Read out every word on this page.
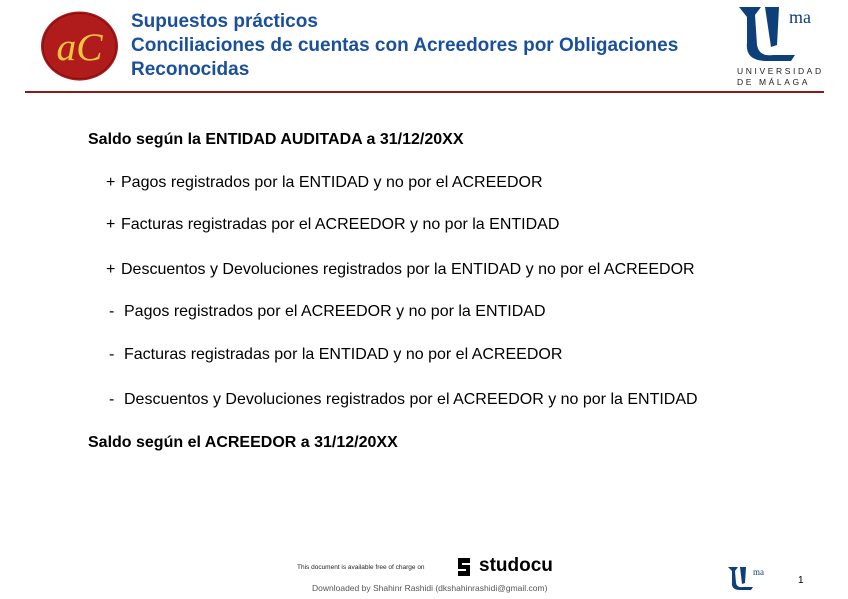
aC
Supuestos prácticos
Conciliaciones de cuentas con Acreedores por Obligaciones
Reconocidas
ma
UNIVERSIDAD
DE MÁLAGA
Saldo según la ENTIDAD AUDITADA a 31/12/20XX
+ Pagos registrados por la ENTIDAD y no por el ACREEDOR
+ Facturas registradas por el ACREEDOR y no por la ENTIDAD
+ Descuentos y Devoluciones registrados por la ENTIDAD y no por el ACREEDOR
- Pagos registrados por el ACREEDOR y no por la ENTIDAD
- Facturas registradas por la ENTIDAD y no por el ACREEDOR
- Descuentos y Devoluciones registrados por el ACREEDOR y no por la ENTIDAD
Saldo según el ACREEDOR a 31/12/20XX
This document is available free of charge on	studocu
Downloaded by Shahinr Rashidi (dkshahinrashidi@gmail.com)
ma
1
